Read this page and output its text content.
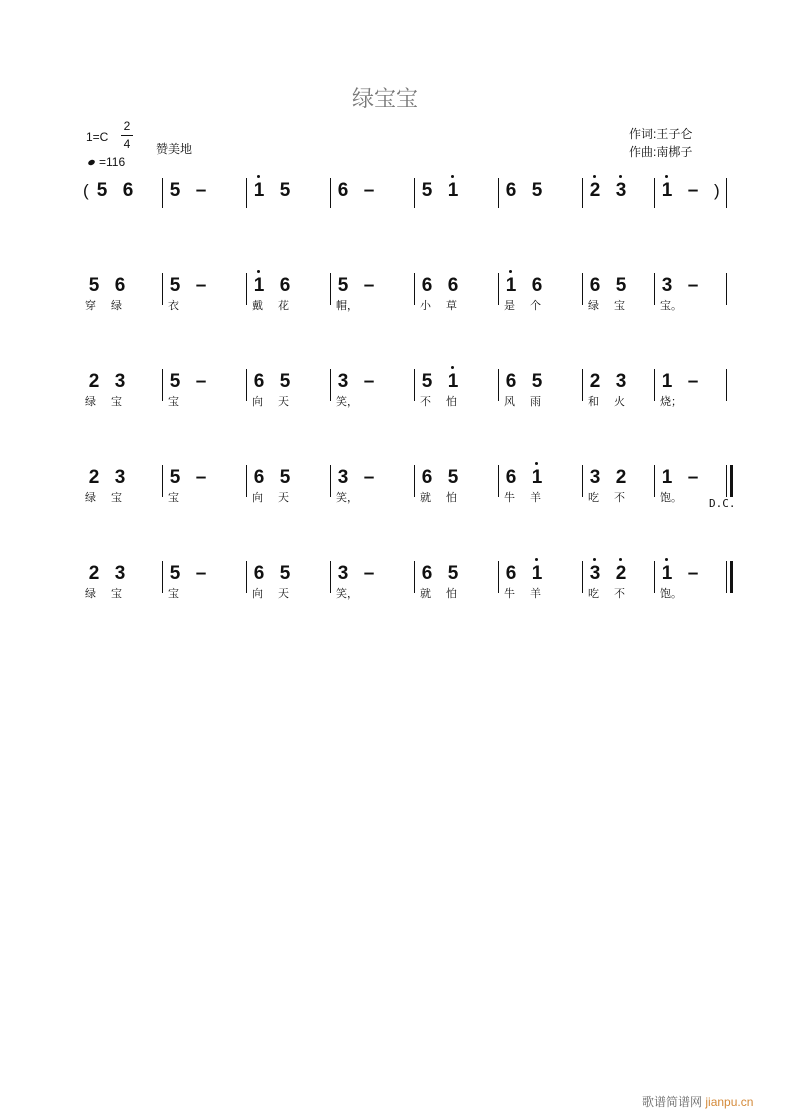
绿宝宝
1=C
2
4
=116
赞美地
作词:王子仑
作曲:南梆子
5 6 5 – 1 5 6 – 5 1 6 5 2 3 1 –
5 6
穿 绿
5 –
衣
1 6
戴 花
5 –
帽，
6 6
小 草
1 6
是 个
6 5
绿 宝
3 –
宝。
2 3
绿 宝
5 –
宝
6 5
向 天
3 –
笑，
5 1
不 怕
6 5
风 雨
2 3
和 火
1 –
烧；
2 3
绿 宝
5 –
宝
6 5
向 天
3 –
笑，
6 5
就 怕
6 1
牛 羊
3 2
吃 不
1 –
饱。
2 3
绿 宝
5 –
宝
6 5
向 天
3 –
笑，
6 5
就 怕
6 1
牛 羊
3 2
吃 不
1 –
饱。
(	)
D.C.
歌谱简谱网 jianpu.cn
